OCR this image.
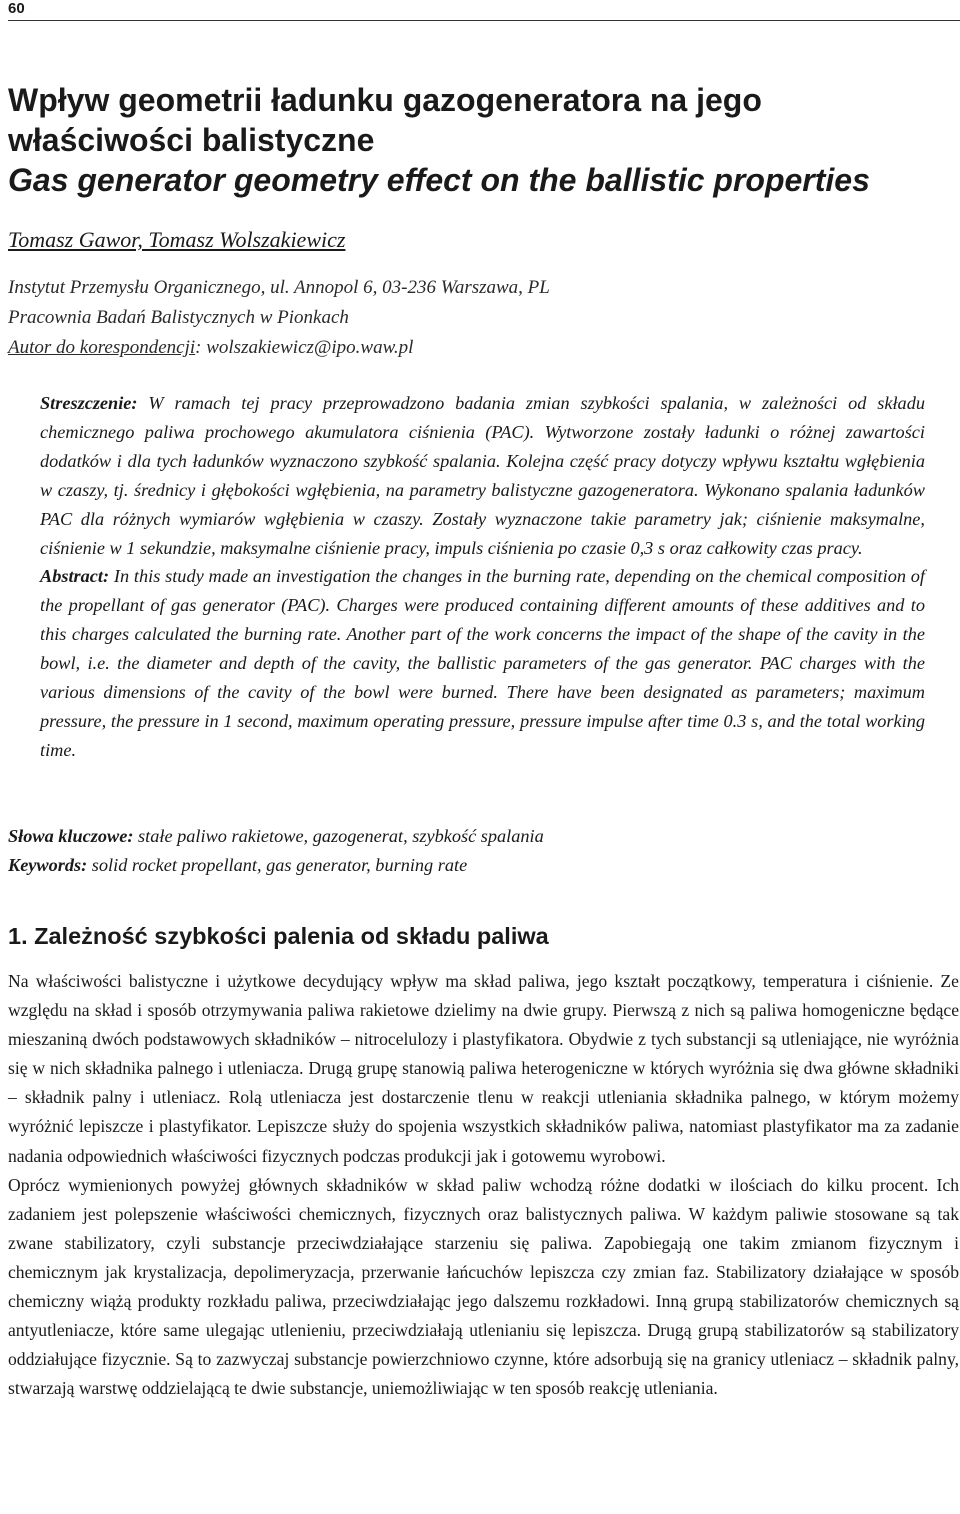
60
Wpływ geometrii ładunku gazogeneratora na jego
właściwości balistyczne
Gas generator geometry effect on the ballistic properties
Tomasz Gawor, Tomasz Wolszakiewicz
Instytut Przemysłu Organicznego, ul. Annopol 6, 03-236 Warszawa, PL
Pracownia Badań Balistycznych w Pionkach
Autor do korespondencji: wolszakiewicz@ipo.waw.pl
Streszczenie: W ramach tej pracy przeprowadzono badania zmian szybkości spalania, w zależności od składu chemicznego paliwa prochowego akumulatora ciśnienia (PAC). Wytworzone zostały ładunki o różnej zawartości dodatków i dla tych ładunków wyznaczono szybkość spalania. Kolejna część pracy dotyczy wpływu kształtu wgłębienia w czaszy, tj. średnicy i głębokości wgłębienia, na parametry balistyczne gazogeneratora. Wykonano spalania ładunków PAC dla różnych wymiarów wgłębienia w czaszy. Zostały wyznaczone takie parametry jak; ciśnienie maksymalne, ciśnienie w 1 sekundzie, maksymalne ciśnienie pracy, impuls ciśnienia po czasie 0,3 s oraz całkowity czas pracy.
Abstract: In this study made an investigation the changes in the burning rate, depending on the chemical composition of the propellant of gas generator (PAC). Charges were produced containing different amounts of these additives and to this charges calculated the burning rate. Another part of the work concerns the impact of the shape of the cavity in the bowl, i.e. the diameter and depth of the cavity, the ballistic parameters of the gas generator. PAC charges with the various dimensions of the cavity of the bowl were burned. There have been designated as parameters; maximum pressure, the pressure in 1 second, maximum operating pressure, pressure impulse after time 0.3 s, and the total working time.
Słowa kluczowe: stałe paliwo rakietowe, gazogenerat, szybkość spalania
Keywords: solid rocket propellant, gas generator, burning rate
1. Zależność szybkości palenia od składu paliwa

Na właściwości balistyczne i użytkowe decydujący wpływ ma skład paliwa, jego kształt początkowy, temperatura i ciśnienie. Ze względu na skład i sposób otrzymywania paliwa rakietowe dzielimy na dwie grupy. Pierwszą z nich są paliwa homogeniczne będące mieszaniną dwóch podstawowych składników – nitrocelulozy i plastyfikatora. Obydwie z tych substancji są utleniające, nie wyróżnia się w nich składnika palnego i utleniacza. Drugą grupę stanowią paliwa heterogeniczne w których wyróżnia się dwa główne składniki – składnik palny i utleniacz. Rolą utleniacza jest dostarczenie tlenu w reakcji utleniania składnika palnego, w którym możemy wyróżnić lepiszcze i plastyfikator. Lepiszcze służy do spojenia wszystkich składników paliwa, natomiast plastyfikator ma za zadanie nadania odpowiednich właściwości fizycznych podczas produkcji jak i gotowemu wyrobowi.

Oprócz wymienionych powyżej głównych składników w skład paliw wchodzą różne dodatki w ilościach do kilku procent. Ich zadaniem jest polepszenie właściwości chemicznych, fizycznych oraz balistycznych paliwa. W każdym paliwie stosowane są tak zwane stabilizatory, czyli substancje przeciwdziałające starzeniu się paliwa. Zapobiegają one takim zmianom fizycznym i chemicznym jak krystalizacja, depolimeryzacja, przerwanie łańcuchów lepiszcza czy zmian faz. Stabilizatory działające w sposób chemiczny wiążą produkty rozkładu paliwa, przeciwdziałając jego dalszemu rozkładowi. Inną grupą stabilizatorów chemicznych są antyutleniacze, które same ulegając utlenieniu, przeciwdziałają utlenianiu się lepiszcza. Drugą grupą stabilizatorów są stabilizatory oddziałujące fizycznie. Są to zazwyczaj substancje powierzchniowo czynne, które adsorbują się na granicy utleniacz – składnik palny, stwarzają warstwę oddzielającą te dwie substancje, uniemożliwiając w ten sposób reakcję utleniania.
